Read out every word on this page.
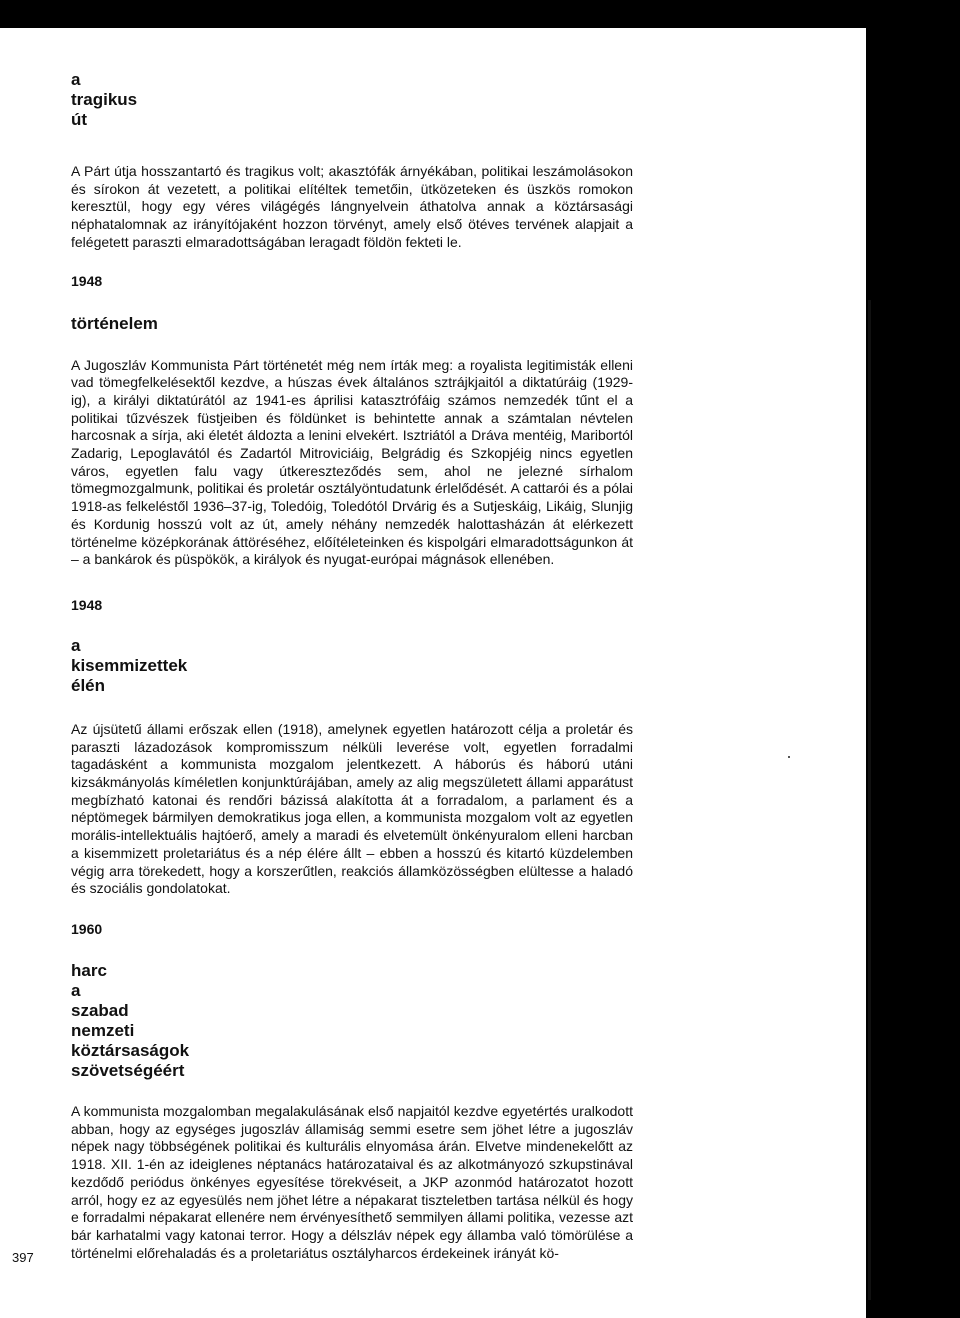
a
tragikus
út

A Párt útja hosszantartó és tragikus volt; akasztófák árnyékában, politikai leszámolásokon és sírokon át vezetett, a politikai elítéltek temetőin, ütközeteken és üszkös romokon keresztül, hogy egy véres világégés lángnyelvein áthatolva annak a köztársasági néphatalomnak az irányítójaként hozzon törvényt, amely első ötéves tervének alapjait a felégetett paraszti elmaradottságában leragadt földön fekteti le.

1948
történelem

A Jugoszláv Kommunista Párt történetét még nem írták meg: a royalista legitimisták elleni vad tömegfelkelésektől kezdve, a húszas évek általános sztrájkjaitól a diktatúráig (1929-ig), a királyi diktatúrától az 1941-es áprilisi katasztrófáig számos nemzedék tűnt el a politikai tűzvészek füstjeiben és földünket is behintette annak a számtalan névtelen harcosnak a sírja, aki életét áldozta a lenini elvekért. Isztriától a Dráva mentéig, Maribortól Zadarig, Lepoglavától és Zadartól Mitroviciáig, Belgrádig és Szkopjéig nincs egyetlen város, egyetlen falu vagy útkereszteződés sem, ahol ne jelezné sírhalom tömegmozgalmunk, politikai és proletár osztályöntudatunk érlelődését. A cattarói és a pólai 1918-as felkeléstől 1936–37-ig, Toledóig, Toledótól Drvárig és a Sutjeskáig, Likáig, Slunjig és Kordunig hosszú volt az út, amely néhány nemzedék halottasházán át elérkezett történelme középkorának áttöréséhez, előítéleteinken és kispolgári elmaradottságunkon át – a bankárok és püspökök, a királyok és nyugat-európai mágnások ellenében.

1948
a
kisemmizettek
élén

Az újsütetű állami erőszak ellen (1918), amelynek egyetlen határozott célja a proletár és paraszti lázadozások kompromisszum nélküli leverése volt, egyetlen forradalmi tagadásként a kommunista mozgalom jelentkezett. A háborús és háború utáni kizsákmányolás kíméletlen konjunktúrájában, amely az alig megszületett állami apparátust megbízható katonai és rendőri bázissá alakította át a forradalom, a parlament és a néptömegek bármilyen demokratikus joga ellen, a kommunista mozgalom volt az egyetlen morális-intellektuális hajtóerő, amely a maradi és elvetemült önkényuralom elleni harcban a kisemmizett proletariátus és a nép élére állt – ebben a hosszú és kitartó küzdelemben végig arra törekedett, hogy a korszerűtlen, reakciós államközösségben elültesse a haladó és szociális gondolatokat.

1960
harc
a
szabad
nemzeti
köztársaságok
szövetségéért

A kommunista mozgalomban megalakulásának első napjaitól kezdve egyetértés uralkodott abban, hogy az egységes jugoszláv államiság semmi esetre sem jöhet létre a jugoszláv népek nagy többségének politikai és kulturális elnyomása árán. Elvetve mindenekelőtt az 1918. XII. 1-én az ideiglenes néptanács határozataival és az alkotmányozó szkupstinával kezdődő periódus önkényes egyesítése törekvéseit, a JKP azonmód határozatot hozott arról, hogy ez az egyesülés nem jöhet létre a népakarat tiszteletben tartása nélkül és hogy e forradalmi népakarat ellenére nem érvényesíthető semmilyen állami politika, vezesse azt bár karhatalmi vagy katonai terror. Hogy a délszláv népek egy államba való tömörülése a történelmi előrehaladás és a proletariátus osztályharcos érdekeinek irányát kö-

397
